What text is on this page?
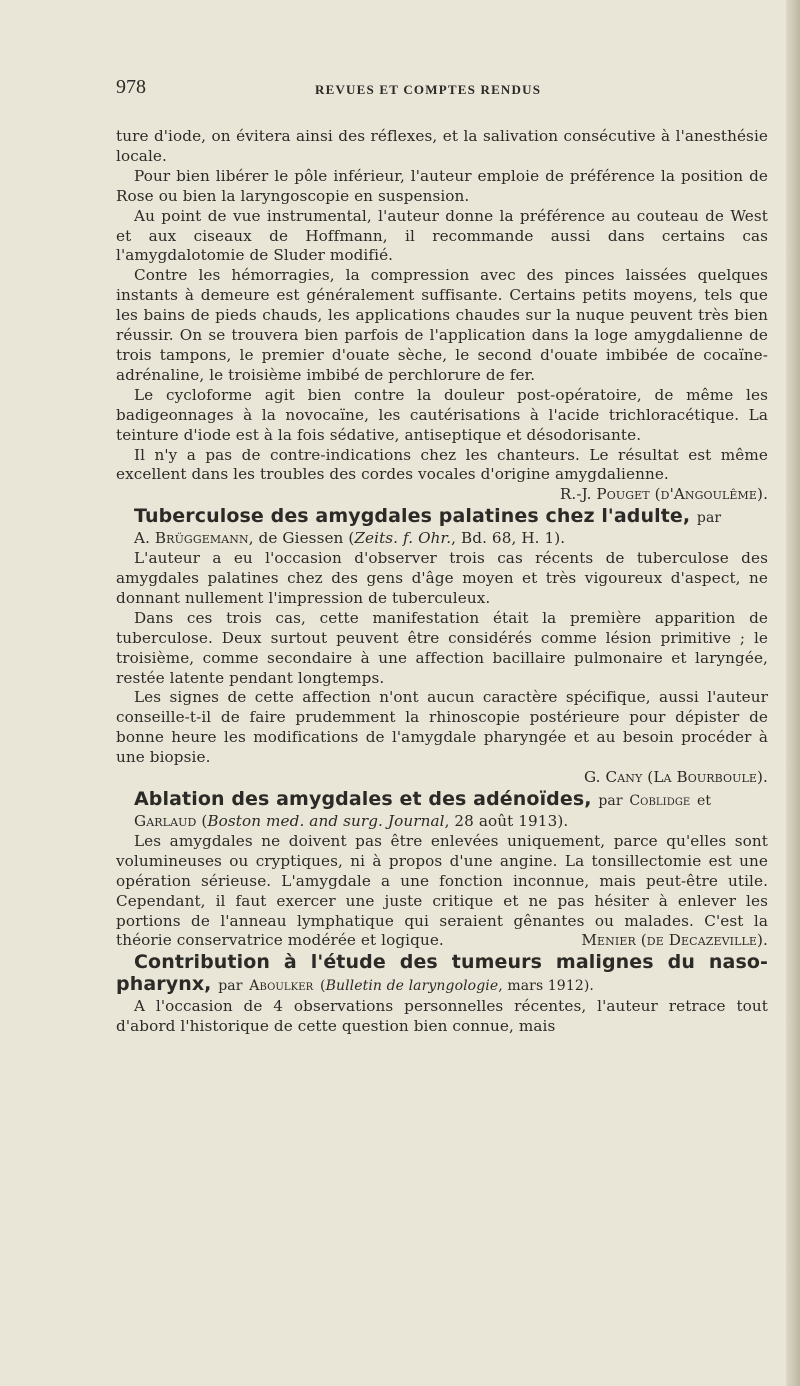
978	REVUES ET COMPTES RENDUS

ture d'iode, on évitera ainsi des réflexes, et la salivation consécutive à l'anesthésie locale.

Pour bien libérer le pôle inférieur, l'auteur emploie de préférence la position de Rose ou bien la laryngoscopie en suspension.

Au point de vue instrumental, l'auteur donne la préférence au couteau de West et aux ciseaux de Hoffmann, il recommande aussi dans certains cas l'amygdalotomie de Sluder modifié.

Contre les hémorragies, la compression avec des pinces laissées quelques instants à demeure est généralement suffisante. Certains petits moyens, tels que les bains de pieds chauds, les applications chaudes sur la nuque peuvent très bien réussir. On se trouvera bien parfois de l'application dans la loge amygdalienne de trois tampons, le premier d'ouate sèche, le second d'ouate imbibée de cocaïne-adrénaline, le troisième imbibé de perchlorure de fer.

Le cycloforme agit bien contre la douleur post-opératoire, de même les badigeonnages à la novocaïne, les cautérisations à l'acide trichloracétique. La teinture d'iode est à la fois sédative, antiseptique et désodorisante.

Il n'y a pas de contre-indications chez les chanteurs. Le résultat est même excellent dans les troubles des cordes vocales d'origine amygdalienne.
R.-J. Pouget (d'Angoulême).

Tuberculose des amygdales palatines chez l'adulte, par

A. Brüggemann, de Giessen (Zeits. f. Ohr., Bd. 68, H. 1).

L'auteur a eu l'occasion d'observer trois cas récents de tuberculose des amygdales palatines chez des gens d'âge moyen et très vigoureux d'aspect, ne donnant nullement l'impression de tuberculeux.

Dans ces trois cas, cette manifestation était la première apparition de tuberculose. Deux surtout peuvent être considérés comme lésion primitive ; le troisième, comme secondaire à une affection bacillaire pulmonaire et laryngée, restée latente pendant longtemps.

Les signes de cette affection n'ont aucun caractère spécifique, aussi l'auteur conseille-t-il de faire prudemment la rhinoscopie postérieure pour dépister de bonne heure les modifications de l'amygdale pharyngée et au besoin procéder à une biopsie.

G. Cany (La Bourboule).

Ablation des amygdales et des adénoïdes, par Coblidge et

Garlaud (Boston med. and surg. Journal, 28 août 1913).

Les amygdales ne doivent pas être enlevées uniquement, parce qu'elles sont volumineuses ou cryptiques, ni à propos d'une angine. La tonsillectomie est une opération sérieuse. L'amygdale a une fonction inconnue, mais peut-être utile. Cependant, il faut exercer une juste critique et ne pas hésiter à enlever les portions de l'anneau lymphatique qui seraient gênantes ou malades. C'est la théorie conservatrice modérée et logique.	Menier (de Decazeville).

Contribution à l'étude des tumeurs malignes du naso-pharynx, par Aboulker (Bulletin de laryngologie, mars 1912).

A l'occasion de 4 observations personnelles récentes, l'auteur retrace tout d'abord l'historique de cette question bien connue, mais
